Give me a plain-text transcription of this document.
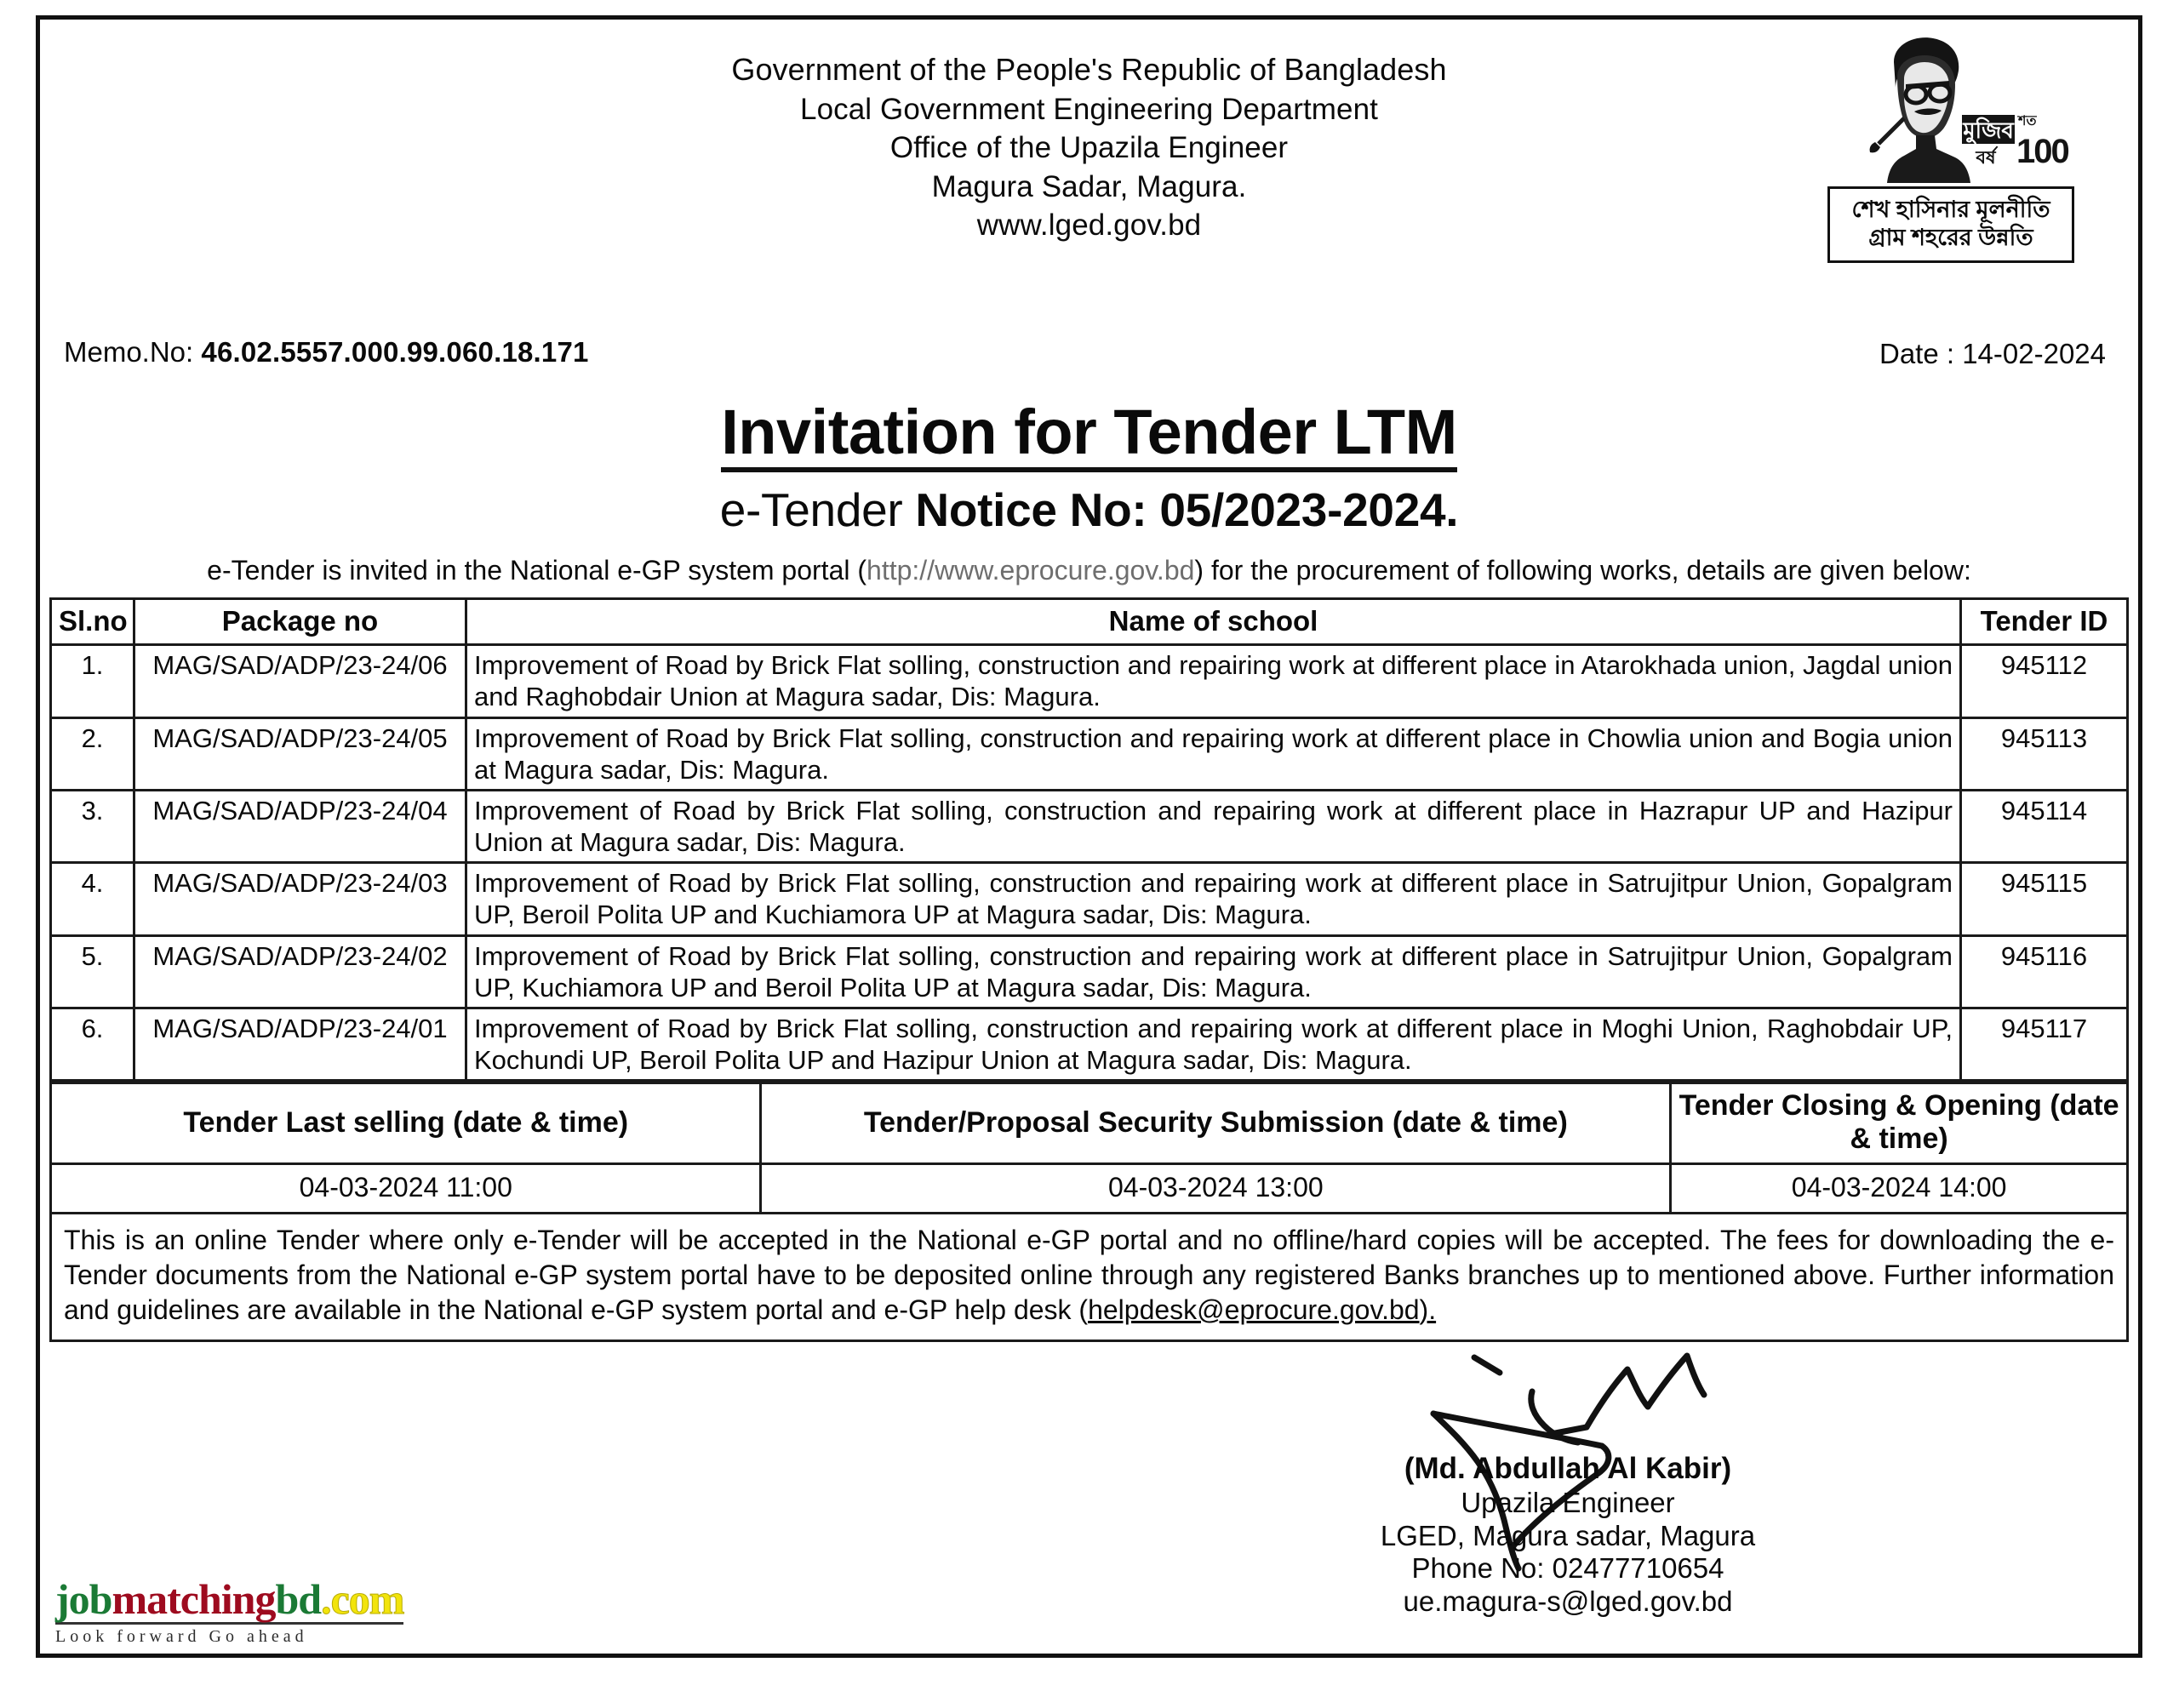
Government of the People's Republic of Bangladesh
Local Government Engineering Department
Office of the Upazila Engineer
Magura Sadar, Magura.
www.lged.gov.bd
মুজিব
বর্ষ
শত
100
শেখ হাসিনার মূলনীতি
গ্রাম শহরের উন্নতি
Memo.No: 46.02.5557.000.99.060.18.171	Date : 14-02-2024
Invitation for Tender LTM
e-Tender Notice No: 05/2023-2024.
e-Tender is invited in the National e-GP system portal (http://www.eprocure.gov.bd) for the procurement of following works, details are given below:
Sl.no	Package no	Name of school	Tender ID
1.	MAG/SAD/ADP/23-24/06	Improvement of Road by Brick Flat solling, construction and repairing work at different place in Atarokhada union, Jagdal union and Raghobdair Union at Magura sadar, Dis: Magura.	945112
2.	MAG/SAD/ADP/23-24/05	Improvement of Road by Brick Flat solling, construction and repairing work at different place in Chowlia union and Bogia union at Magura sadar, Dis: Magura.	945113
3.	MAG/SAD/ADP/23-24/04	Improvement of Road by Brick Flat solling, construction and repairing work at different place in Hazrapur UP and Hazipur Union at Magura sadar, Dis: Magura.	945114
4.	MAG/SAD/ADP/23-24/03	Improvement of Road by Brick Flat solling, construction and repairing work at different place in Satrujitpur Union, Gopalgram UP, Beroil Polita UP and Kuchiamora UP at Magura sadar, Dis: Magura.	945115
5.	MAG/SAD/ADP/23-24/02	Improvement of Road by Brick Flat solling, construction and repairing work at different place in Satrujitpur Union, Gopalgram UP, Kuchiamora UP and Beroil Polita UP at Magura sadar, Dis: Magura.	945116
6.	MAG/SAD/ADP/23-24/01	Improvement of Road by Brick Flat solling, construction and repairing work at different place in Moghi Union, Raghobdair UP, Kochundi UP, Beroil Polita UP and Hazipur Union at Magura sadar, Dis: Magura.	945117
Tender Last selling (date & time)	Tender/Proposal Security Submission (date & time)	Tender Closing & Opening (date & time)
04-03-2024 11:00	04-03-2024 13:00	04-03-2024 14:00
This is an online Tender where only e-Tender will be accepted in the National e-GP portal and no offline/hard copies will be accepted. The fees for downloading the e-Tender documents from the National e-GP system portal have to be deposited online through any registered Banks branches up to mentioned above. Further information and guidelines are available in the National e-GP system portal and e-GP help desk (helpdesk@eprocure.gov.bd).
(Md. Abdullah Al Kabir)
Upazila Engineer
LGED, Magura sadar, Magura
Phone No: 02477710654
ue.magura-s@lged.gov.bd
jobmatchingbd.com
Look forward Go ahead
